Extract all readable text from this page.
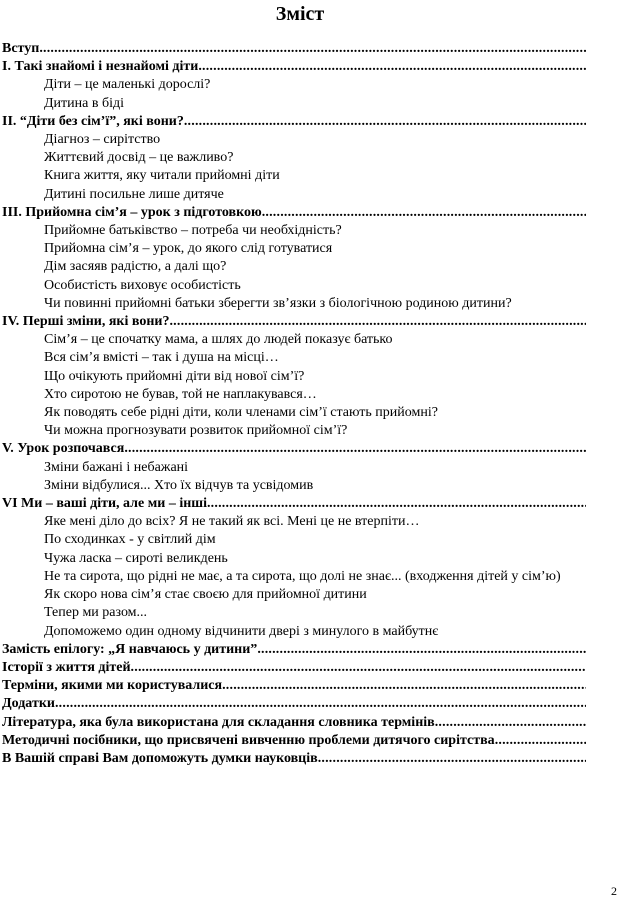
Зміст
Вступ
.....
I. Такі знайомі і незнайомі діти
.....
Діти – це маленькі дорослі?
Дитина в біді
II. “Діти без сім’ї”, які вони?
.....
Діагноз – сирітство
Життєвий досвід – це важливо?
Книга життя, яку читали прийомні діти
Дитині посильне лише дитяче
III. Прийомна сім’я – урок з підготовкою
.....
Прийомне батьківство – потреба чи необхідність?
Прийомна сім’я – урок, до якого слід готуватися
Дім засяяв радістю, а далі що?
Особистість виховує особистість
Чи повинні прийомні батьки зберегти зв’язки з біологічною родиною дитини?
IV. Перші зміни, які вони?
.....
Сім’я – це спочатку мама, а шлях до людей показує батько
Вся сім’я вмісті – так і душа на місці…
Що очікують прийомні діти від нової сім’ї?
Хто сиротою не бував, той не наплакувався…
Як поводять себе рідні діти, коли членами сім’ї стають прийомні?
Чи можна прогнозувати розвиток прийомної сім’ї?
V. Урок розпочався
.....
Зміни бажані і небажані
Зміни відбулися... Хто їх відчув та усвідомив
VI Ми – ваші діти, але ми – інші
.....
Яке мені діло до всіх? Я не такий як всі. Мені це не втерпіти…
По сходинках - у світлий дім
Чужа ласка – сироті великдень
Не та сирота, що рідні не має, а та сирота, що долі не знає... (входження дітей у сім’ю)
Як скоро нова сім’я стає своєю для прийомної дитини
Тепер ми разом...
Допоможемо один одному відчинити двері з минулого в майбутнє
Замість епілогу: „Я навчаюсь у дитини”
.....
Історії з життя дітей
.....
Терміни, якими ми користувалися
.....
Додатки
.....
Література, яка була використана для складання словника термінів
.....
Методичні посібники, що присвячені вивченню проблеми дитячого сирітства
.....
В Вашій справі Вам допоможуть думки науковців
.....
2
